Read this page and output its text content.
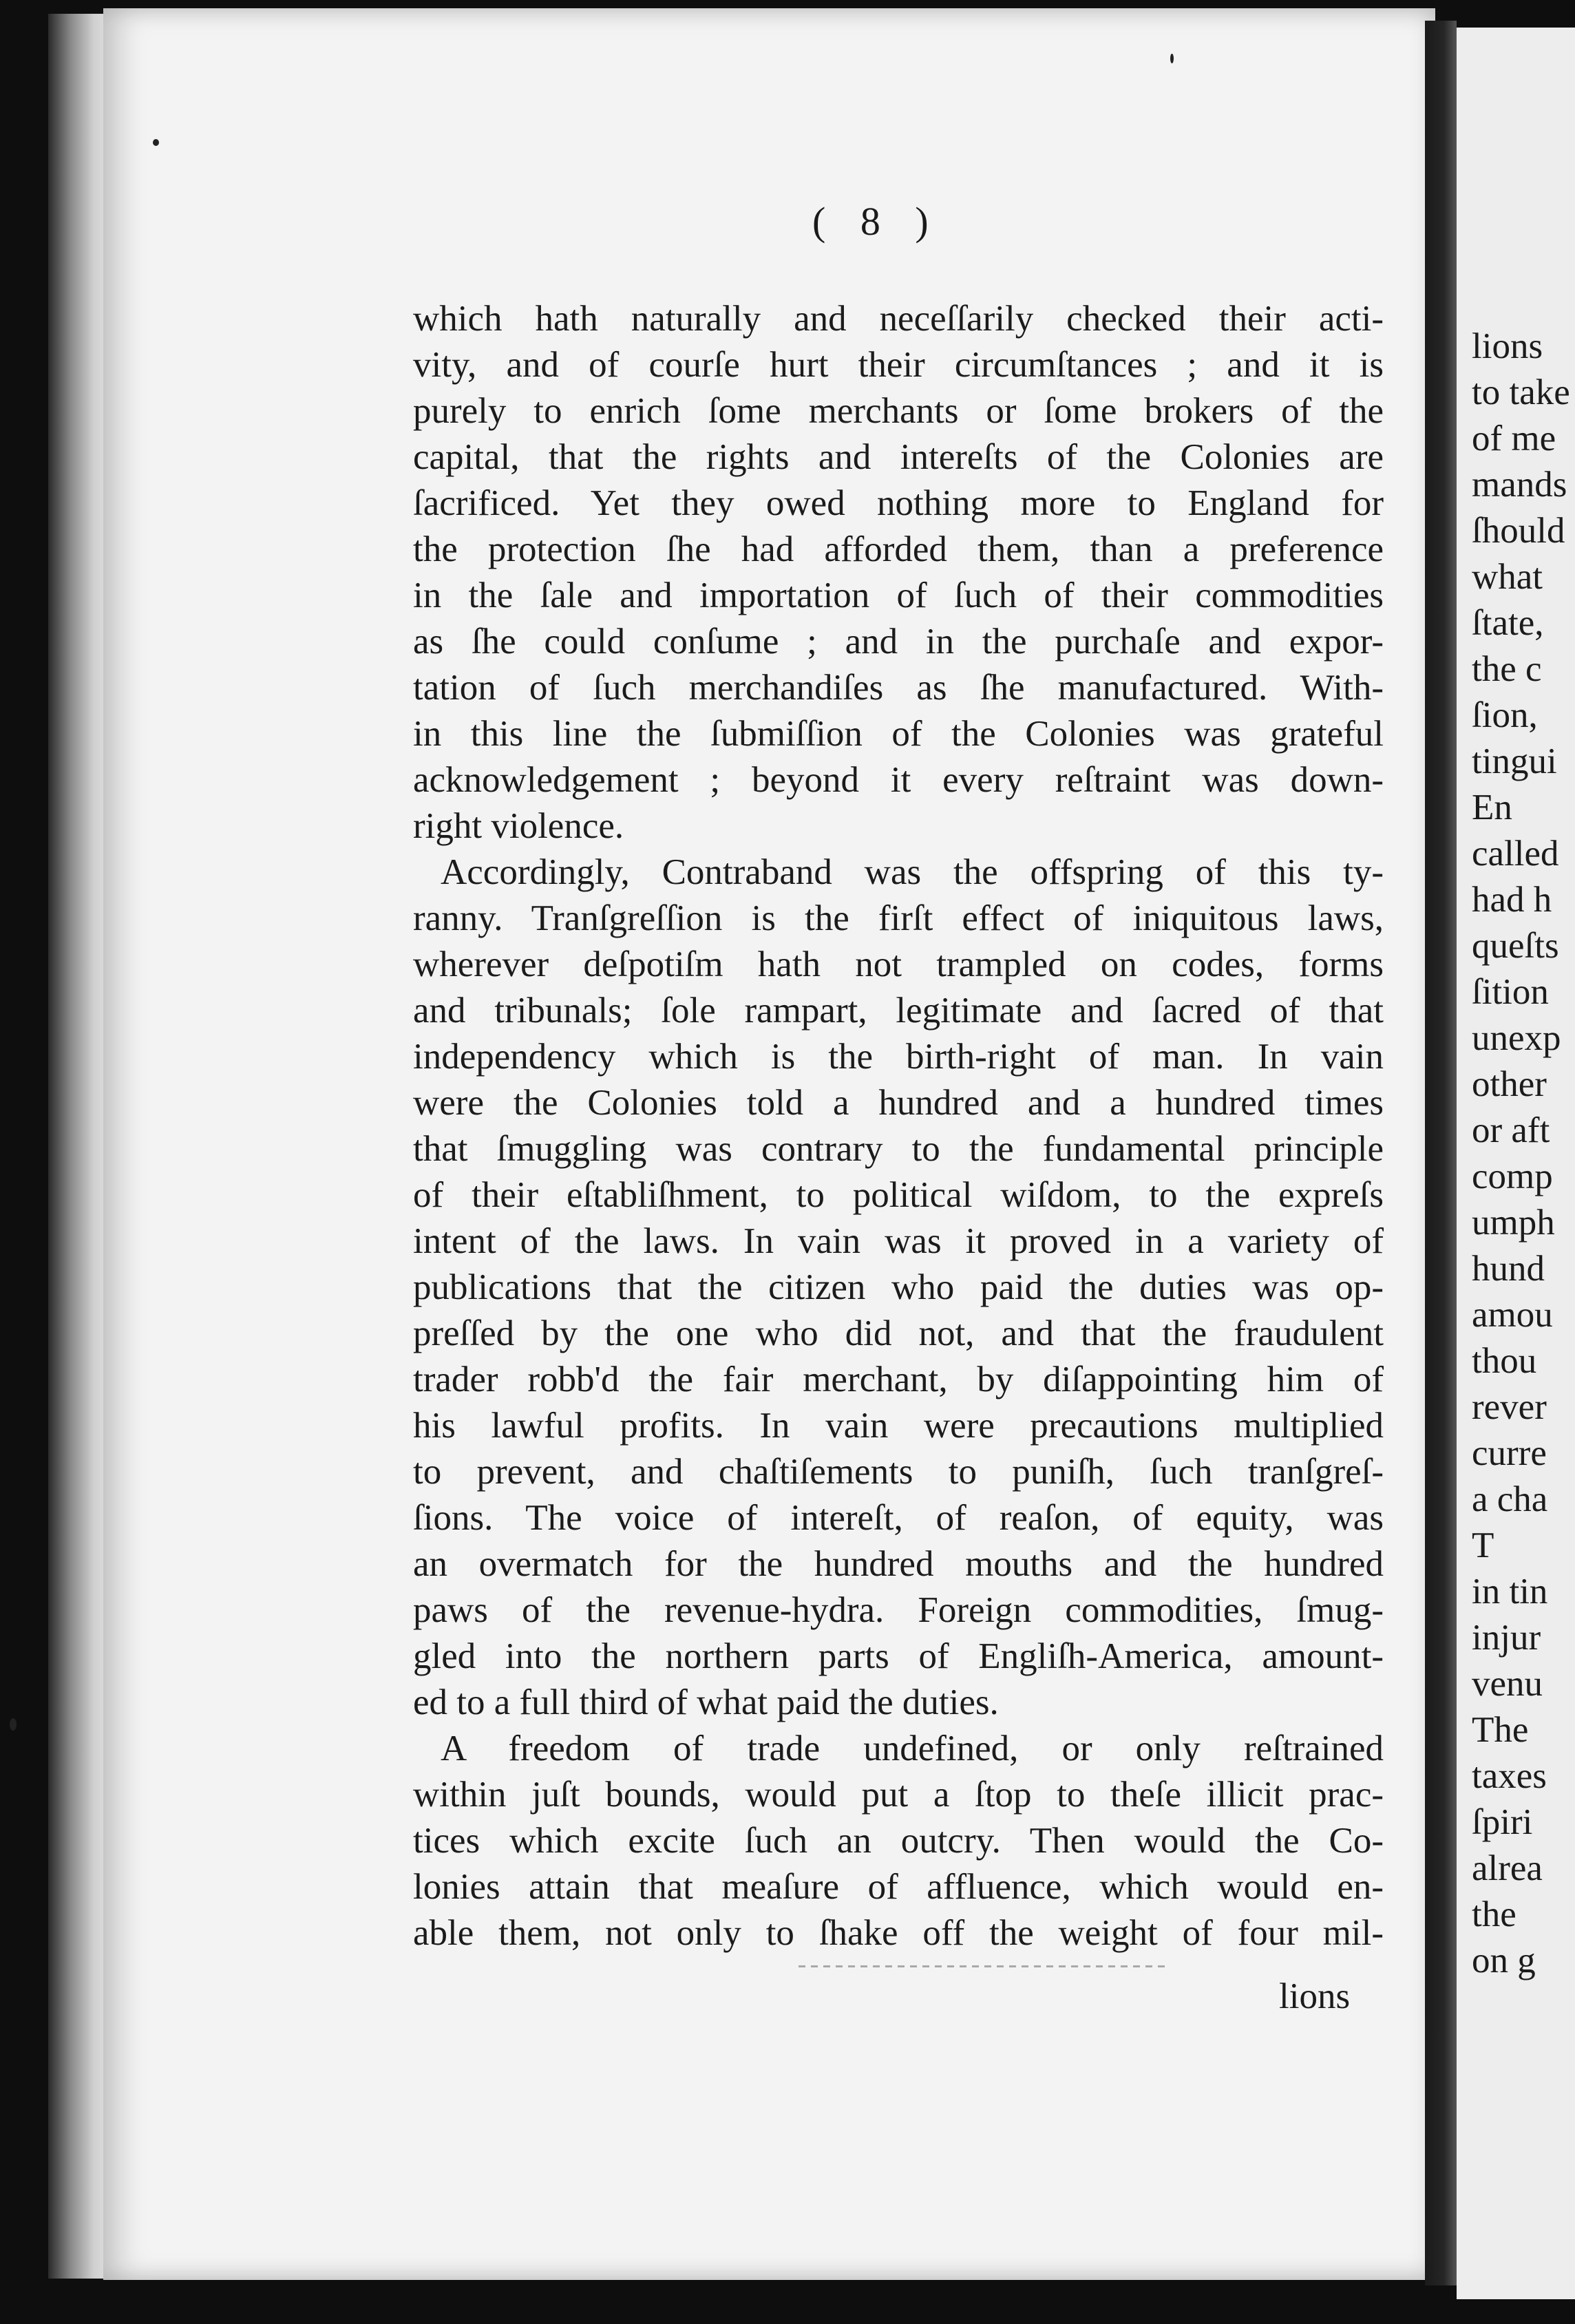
lions
to take
of me
mands
ſhould
what
ſtate,
the c
ſion,
tingui
En
called
had h
queſts
ſition
unexp
other
or aft
comp
umph
hund
amou
thou
rever
curre
a cha
T
in tin
injur
venu
The
taxes
ſpiri
alrea
the
on g
( 8 )
which hath naturally and neceſſarily checked their acti-
vity, and of courſe hurt their circumſtances ; and it is
purely to enrich ſome merchants or ſome brokers of the
capital, that the rights and intereſts of the Colonies are
ſacrificed. Yet they owed nothing more to England for
the protection ſhe had afforded them, than a preference
in the ſale and importation of ſuch of their commodities
as ſhe could conſume ; and in the purchaſe and expor-
tation of ſuch merchandiſes as ſhe manufactured. With-
in this line the ſubmiſſion of the Colonies was grateful
acknowledgement ; beyond it every reſtraint was down-
right violence.
Accordingly, Contraband was the offspring of this ty-
ranny. Tranſgreſſion is the firſt effect of iniquitous laws,
wherever deſpotiſm hath not trampled on codes, forms
and tribunals; ſole rampart, legitimate and ſacred of that
independency which is the birth-right of man. In vain
were the Colonies told a hundred and a hundred times
that ſmuggling was contrary to the fundamental principle
of their eſtabliſhment, to political wiſdom, to the expreſs
intent of the laws. In vain was it proved in a variety of
publications that the citizen who paid the duties was op-
preſſed by the one who did not, and that the fraudulent
trader robb'd the fair merchant, by diſappointing him of
his lawful profits. In vain were precautions multiplied
to prevent, and chaſtiſements to puniſh, ſuch tranſgreſ-
ſions. The voice of intereſt, of reaſon, of equity, was
an overmatch for the hundred mouths and the hundred
paws of the revenue-hydra. Foreign commodities, ſmug-
gled into the northern parts of Engliſh-America, amount-
ed to a full third of what paid the duties.
A freedom of trade undefined, or only reſtrained
within juſt bounds, would put a ſtop to theſe illicit prac-
tices which excite ſuch an outcry. Then would the Co-
lonies attain that meaſure of affluence, which would en-
able them, not only to ſhake off the weight of four mil-
lions
